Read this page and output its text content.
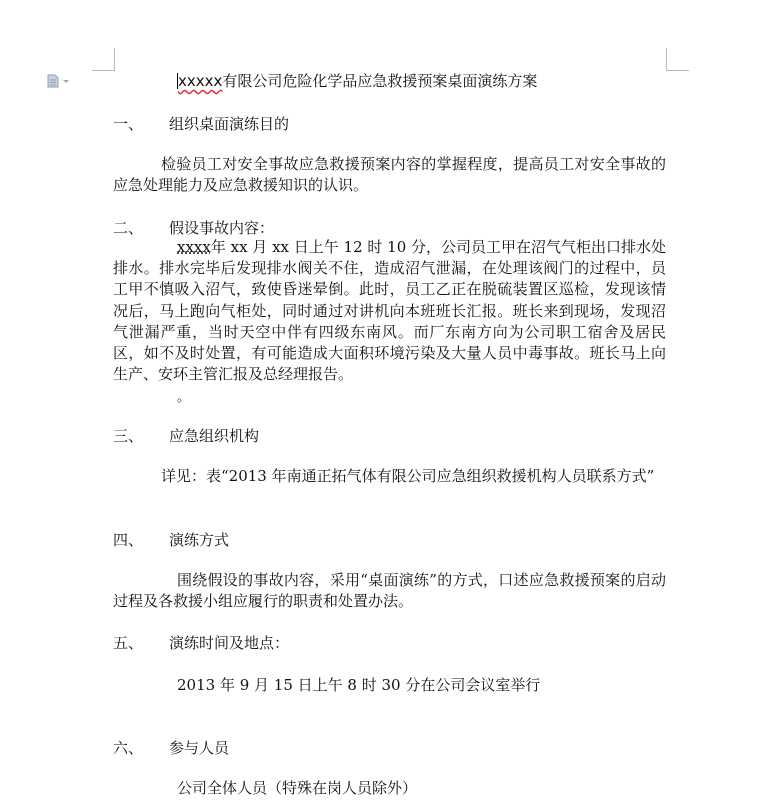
xxxxx有限公司危险化学品应急救援预案桌面演练方案
一、 组织桌面演练目的
检验员工对安全事故应急救援预案内容的掌握程度，提高员工对安全事故的应急处理能力及应急救援知识的认识。
二、 假设事故内容：
xxxx年 xx 月 xx 日上午 12 时 10 分，公司员工甲在沼气气柜出口排水处排水。排水完毕后发现排水阀关不住，造成沼气泄漏，在处理该阀门的过程中，员工甲不慎吸入沼气，致使昏迷晕倒。此时，员工乙正在脱硫装置区巡检，发现该情况后，马上跑向气柜处，同时通过对讲机向本班班长汇报。班长来到现场，发现沼气泄漏严重，当时天空中伴有四级东南风。而厂东南方向为公司职工宿舍及居民区，如不及时处置，有可能造成大面积环境污染及大量人员中毒事故。班长马上向生产、安环主管汇报及总经理报告。
。
三、 应急组织机构
详见：表“2013 年南通正拓气体有限公司应急组织救援机构人员联系方式”
四、 演练方式
围绕假设的事故内容，采用“桌面演练”的方式，口述应急救援预案的启动过程及各救援小组应履行的职责和处置办法。
五、 演练时间及地点：
2013 年 9 月 15 日上午 8 时 30 分在公司会议室举行
六、 参与人员
公司全体人员（特殊在岗人员除外）
